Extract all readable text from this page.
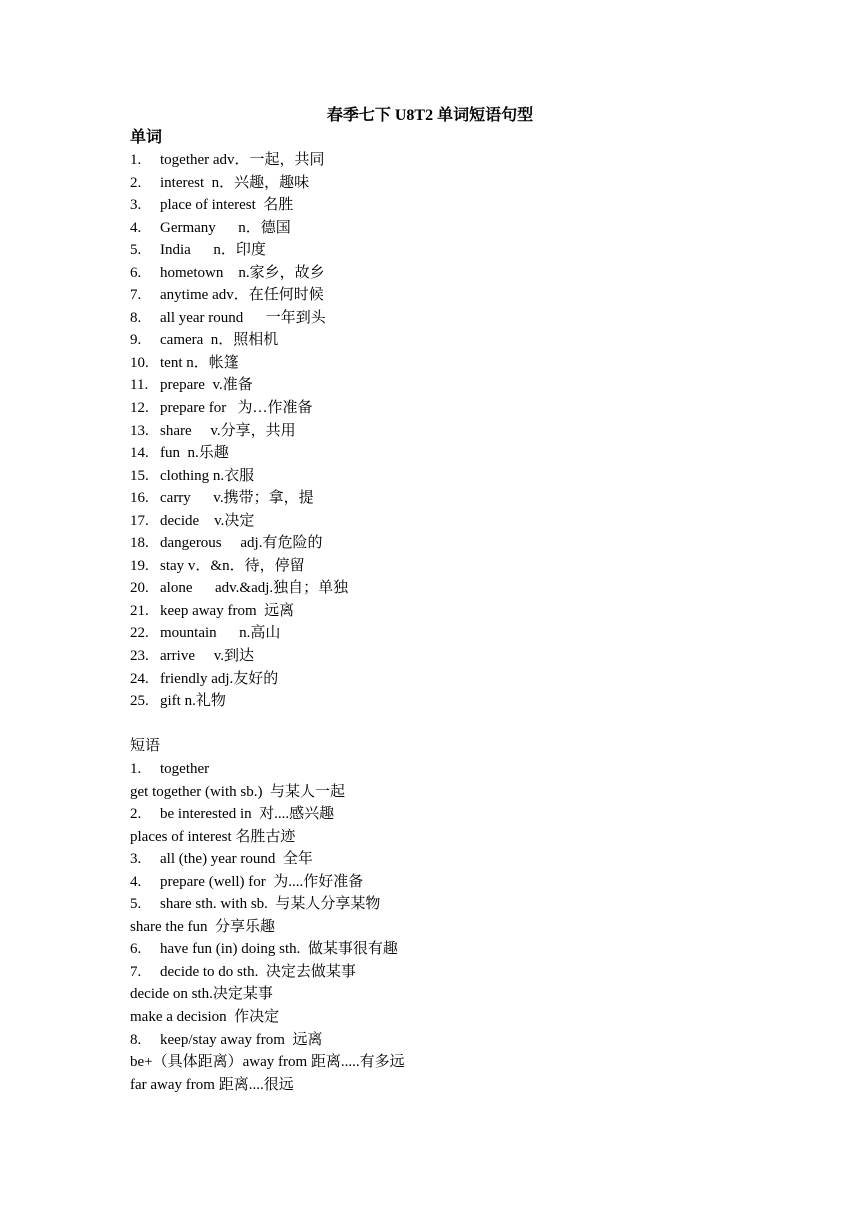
春季七下 U8T2 单词短语句型
单词
1. together adv．一起，共同
2. interest  n．兴趣，趣味
3. place of interest  名胜
4. Germany      n．德国
5. India      n．印度
6. hometown    n.家乡，故乡
7. anytime adv．在任何时候
8. all year round      一年到头
9. camera  n．照相机
10. tent n．帐篷
11. prepare  v.准备
12. prepare for   为…作准备
13. share     v.分享，共用
14. fun  n.乐趣
15. clothing n.衣服
16. carry      v.携带；拿，提
17. decide    v.决定
18. dangerous     adj.有危险的
19. stay v．&n．待，停留
20. alone      adv.&adj.独自；单独
21. keep away from  远离
22. mountain      n.高山
23. arrive     v.到达
24. friendly adj.友好的
25. gift n.礼物
短语
1. together
get together (with sb.)  与某人一起
2. be interested in  对....感兴趣
places of interest 名胜古迹
3. all (the) year round  全年
4. prepare (well) for  为....作好准备
5. share sth. with sb.  与某人分享某物
share the fun  分享乐趣
6. have fun (in) doing sth.  做某事很有趣
7. decide to do sth.  决定去做某事
decide on sth.决定某事
make a decision  作决定
8. keep/stay away from  远离
be+（具体距离）away from 距离.....有多远
far away from 距离....很远
